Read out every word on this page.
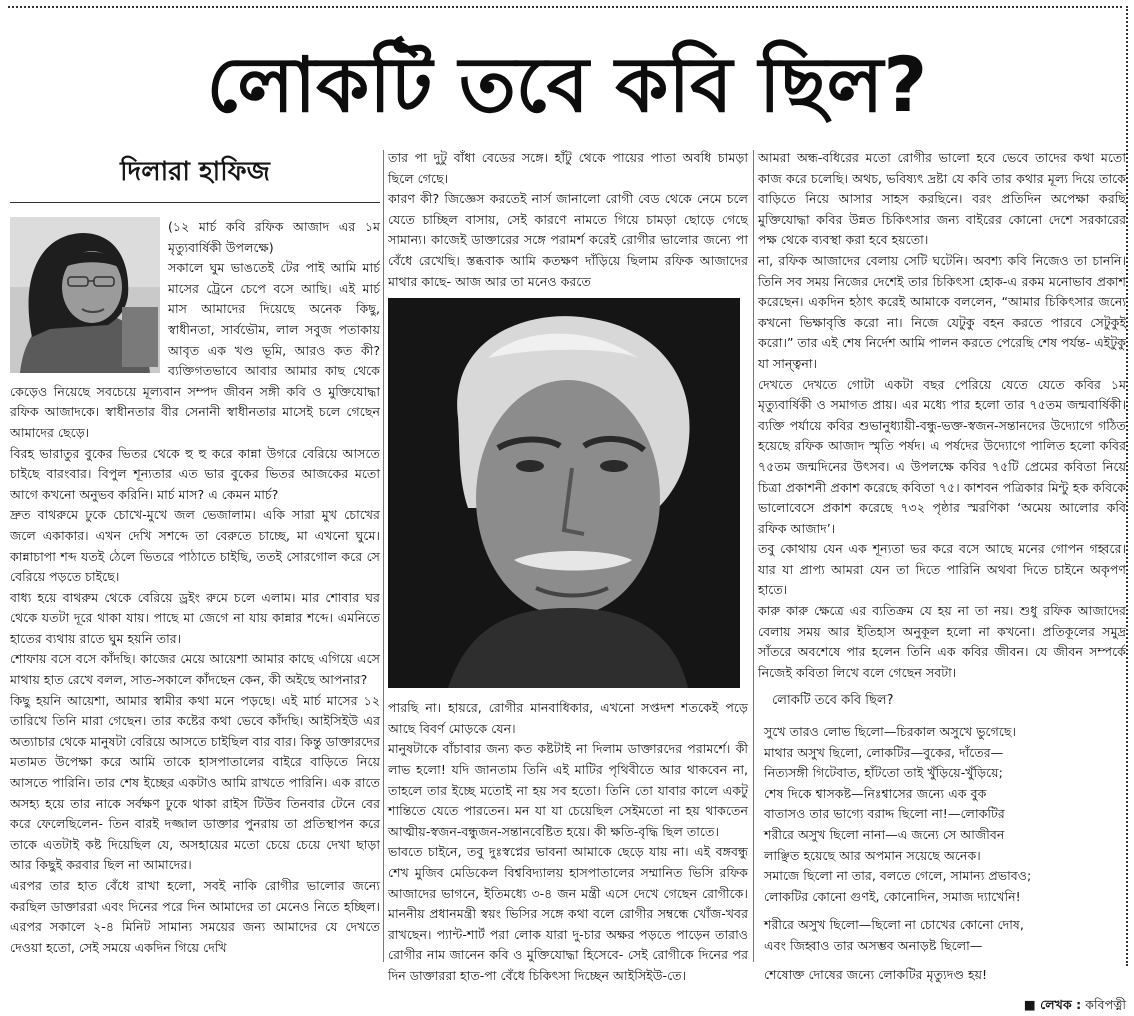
লোকটি তবে কবি ছিল?
দিলারা হাফিজ

(১২ মার্চ কবি রফিক আজাদ এর ১ম মৃত্যুবার্ষিকী উপলক্ষে)

সকালে ঘুম ভাঙতেই টের পাই আমি মার্চ মাসের ট্রেনে চেপে বসে আছি। এই মার্চ মাস আমাদের দিয়েছে অনেক কিছু, স্বাধীনতা, সার্বভৌম, লাল সবুজ পতাকায় আবৃত এক খণ্ড ভূমি, আরও কত কী? ব্যক্তিগতভাবে আবার আমার কাছ থেকে কেড়েও নিয়েছে সবচেয়ে মূল্যবান সম্পদ জীবন সঙ্গী কবি ও মুক্তিযোদ্ধা রফিক আজাদকে। স্বাধীনতার বীর সেনানী স্বাধীনতার মাসেই চলে গেছেন আমাদের ছেড়ে।

বিরহ ভারাতুর বুকের ভিতর থেকে হু হু করে কান্না উগরে বেরিয়ে আসতে চাইছে বারংবার। বিপুল শূন্যতার এত ভার বুকের ভিতর আজকের মতো আগে কখনো অনুভব করিনি। মার্চ মাস? এ কেমন মার্চ?

দ্রুত বাথরুমে ঢুকে চোখে-মুখে জল ভেজালাম। একি সারা মুখ চোখের জলে একাকার। এখন দেখি সশব্দে তা বেরুতে চাচ্ছে, মা এখনো ঘুমে। কান্নাচাপা শব্দ যতই ঠেলে ভিতরে পাঠাতে চাইছি, ততই সোরগোল করে সে বেরিয়ে পড়তে চাইছে।

বাধ্য হয়ে বাথরুম থেকে বেরিয়ে ড্রইং রুমে চলে এলাম। মার শোবার ঘর থেকে যতটা দূরে থাকা যায়। পাছে মা জেগে না যায় কান্নার শব্দে। এমনিতে হাতের ব্যথায় রাতে ঘুম হয়নি তার।

শোফায় বসে বসে কাঁদছি। কাজের মেয়ে আয়েশা আমার কাছে এগিয়ে এসে মাথায় হাত রেখে বলল, সাত-সকালে কাঁদছেন কেন, কী অইছে আপনার?

কিছু হয়নি আয়েশা, আমার স্বামীর কথা মনে পড়ছে। এই মার্চ মাসের ১২ তারিখে তিনি মারা গেছেন। তার কষ্টের কথা ভেবে কাঁদছি। আইসিইউ এর অত্যাচার থেকে মানুষটা বেরিয়ে আসতে চাইছিল বার বার। কিন্তু ডাক্তারদের মতামত উপেক্ষা করে আমি তাকে হাসপাতালের বাইরে বাড়িতে নিয়ে আসতে পারিনি। তার শেষ ইচ্ছের একটাও আমি রাখতে পারিনি। এক রাতে অসহ্য হয়ে তার নাকে সর্বক্ষণ ঢুকে থাকা রাইস টিউব তিনবার টেনে বের করে ফেলেছিলেন- তিন বারই দজ্জাল ডাক্তার পুনরায় তা প্রতিস্থাপন করে তাকে এতটাই কষ্ট দিয়েছিল যে, অসহায়ের মতো চেয়ে চেয়ে দেখা ছাড়া আর কিছুই করবার ছিল না আমাদের।

এরপর তার হাত বেঁধে রাখা হলো, সবই নাকি রোগীর ভালোর জন্যে করছিল ডাক্তাররা এবং দিনের পরে দিন আমাদের তা মেনেও নিতে হচ্ছিল। এরপর সকালে ২-৪ মিনিট সামান্য সময়ের জন্য আমাদের যে দেখতে দেওয়া হতো, সেই সময়ে একদিন গিয়ে দেখি

তার পা দুটু বাঁধা বেডের সঙ্গে। হাঁটু থেকে পায়ের পাতা অবধি চামড়া ছিলে গেছে।

কারণ কী? জিজ্ঞেস করতেই নার্স জানালো রোগী বেড থেকে নেমে চলে যেতে চাচ্ছিল বাসায়, সেই কারণে নামতে গিয়ে চামড়া ছোড়ে গেছে সামান্য। কাজেই ডাক্তারের সঙ্গে পরামর্শ করেই রোগীর ভালোর জন্যে পা বেঁধে রেখেছি। স্তব্ধবাক আমি কতক্ষণ দাঁড়িয়ে ছিলাম রফিক আজাদের মাথার কাছে- আজ আর তা মনেও করতে

পারছি না। হায়রে, রোগীর মানবাধিকার, এখনো সপ্তদশ শতকেই পড়ে আছে বিবর্ণ মোড়কে যেন।

মানুষটাকে বাঁচাবার জন্য কত কষ্টটাই না দিলাম ডাক্তারদের পরামর্শে। কী লাভ হলো! যদি জানতাম তিনি এই মাটির পৃথিবীতে আর থাকবেন না, তাহলে তার ইচ্ছে মতোই না হয় সব হতো। তিনি তো যাবার কালে একটু শান্তিতে যেতে পারতেন। মন যা যা চেয়েছিল সেইমতো না হয় থাকতেন আত্মীয়-স্বজন-বন্ধুজন-সন্তানবেষ্টিত হয়ে। কী ক্ষতি-বৃদ্ধি ছিল তাতে।

ভাবতে চাইনে, তবু দুঃস্বপ্নের ভাবনা আমাকে ছেড়ে যায় না। এই বঙ্গবন্ধু শেখ মুজিব মেডিকেল বিশ্ববিদ্যালয় হাসপাতালের সম্মানিত ভিসি রফিক আজাদের ভাগনে, ইতিমধ্যে ৩-৪ জন মন্ত্রী এসে দেখে গেছেন রোগীকে। মাননীয় প্রধানমন্ত্রী স্বয়ং ভিসির সঙ্গে কথা বলে রোগীর সম্বন্ধে খোঁজ-খবর রাখছেন। প্যান্ট-শার্ট পরা লোক যারা দু-চার অক্ষর পড়তে পাড়েন তারাও রোগীর নাম জানেন কবি ও মুক্তিযোদ্ধা হিসেবে- সেই রোগীকে দিনের পর দিন ডাক্তাররা হাত-পা বেঁধে চিকিৎসা দিচ্ছেন আইসিইউ-তে।

আমরা অন্ধ-বধিরের মতো রোগীর ভালো হবে ভেবে তাদের কথা মতো কাজ করে চলেছি। অথচ, ভবিষ্যৎ দ্রষ্টা যে কবি তার কথার মূল্য দিয়ে তাকে বাড়িতে নিয়ে আসার সাহস করছিনে। বরং প্রতিদিন অপেক্ষা করছি মুক্তিযোদ্ধা কবির উন্নত চিকিৎসার জন্য বাইরের কোনো দেশে সরকারের পক্ষ থেকে ব্যবস্থা করা হবে হয়তো।

না, রফিক আজাদের বেলায় সেটি ঘটেনি। অবশ্য কবি নিজেও তা চাননি। তিনি সব সময় নিজের দেশেই তার চিকিৎসা হোক-এ রকম মনোভাব প্রকাশ করেছেন। একদিন হঠাৎ করেই আমাকে বললেন, “আমার চিকিৎসার জন্যে কখনো ভিক্ষাবৃত্তি করো না। নিজে যেটুকু বহন করতে পারবে সেটুকুই করো।” তার এই শেষ নির্দেশ আমি পালন করতে পেরেছি শেষ পর্যন্ত- এইটুকু যা সান্ত্বনা।

দেখতে দেখতে গোটা একটা বছর পেরিয়ে যেতে যেতে কবির ১ম মৃত্যুবার্ষিকী ও সমাগত প্রায়। এর মধ্যে পার হলো তার ৭৫তম জন্মবার্ষিকী। ব্যক্তি পর্যায়ে কবির শুভানুধ্যায়ী-বন্ধু-ভক্ত-স্বজন-সন্তানদের উদ্যোগে গঠিত হয়েছে রফিক আজাদ স্মৃতি পর্ষদ। এ পর্ষদের উদ্যোগে পালিত হলো কবির ৭৫তম জন্মদিনের উৎসব। এ উপলক্ষে কবির ৭৫টি প্রেমের কবিতা নিয়ে চিত্রা প্রকাশনী প্রকাশ করেছে কবিতা ৭৫। কাশবন পত্রিকার মিন্টু হক কবিকে ভালোবেসে প্রকাশ করেছে ৭৩২ পৃষ্ঠার স্মরণিকা ‘অমেয় আলোর কবি রফিক আজাদ’।

তবু কোথায় যেন এক শূন্যতা ভর করে বসে আছে মনের গোপন গহ্বরে। যার যা প্রাপ্য আমরা যেন তা দিতে পারিনি অথবা দিতে চাইনে অকৃপণ হাতে।

কারু কারু ক্ষেত্রে এর ব্যতিক্রম যে হয় না তা নয়। শুধু রফিক আজাদের বেলায় সময় আর ইতিহাস অনুকূল হলো না কখনো। প্রতিকূলের সমুদ্র সাঁতরে অবশেষে পার হলেন তিনি এক কবির জীবন। যে জীবন সম্পর্কে নিজেই কবিতা লিখে বলে গেছেন সবটা।

লোকটি তবে কবি ছিল?
সুখে তারও লোভ ছিলো—চিরকাল অসুখে ভুগেছে।
মাথার অসুখ ছিলো, লোকটির—বুকের, দাঁতের—
নিত্যসঙ্গী গিটেবাত, হাঁটতো তাই খুঁড়িয়ে-খুঁড়িয়ে;
শেষ দিকে শ্বাসকষ্ট—নিঃশ্বাসের জন্যে এক বুক
বাতাসও তার ভাগ্যে বরাদ্দ ছিলো না!—লোকটির
শরীরে অসুখ ছিলো নানা—এ জন্যে সে আজীবন
লাঞ্ছিত হয়েছে আর অপমান সয়েছে অনেক।
সমাজে ছিলো না তার, বলতে গেলে, সামান্য প্রভাবও;
লোকটির কোনো গুণই, কোনোদিন, সমাজ দ্যাখেনি!
শরীরে অসুখ ছিলো—ছিলো না চোখের কোনো দোষ,
এবং জিহ্বাও তার অসম্ভব অনাড়ষ্ট ছিলো—
শেষোক্ত দোষের জন্যে লোকটির মৃত্যুদণ্ড হয়!
■ লেখক : কবিপত্নী
